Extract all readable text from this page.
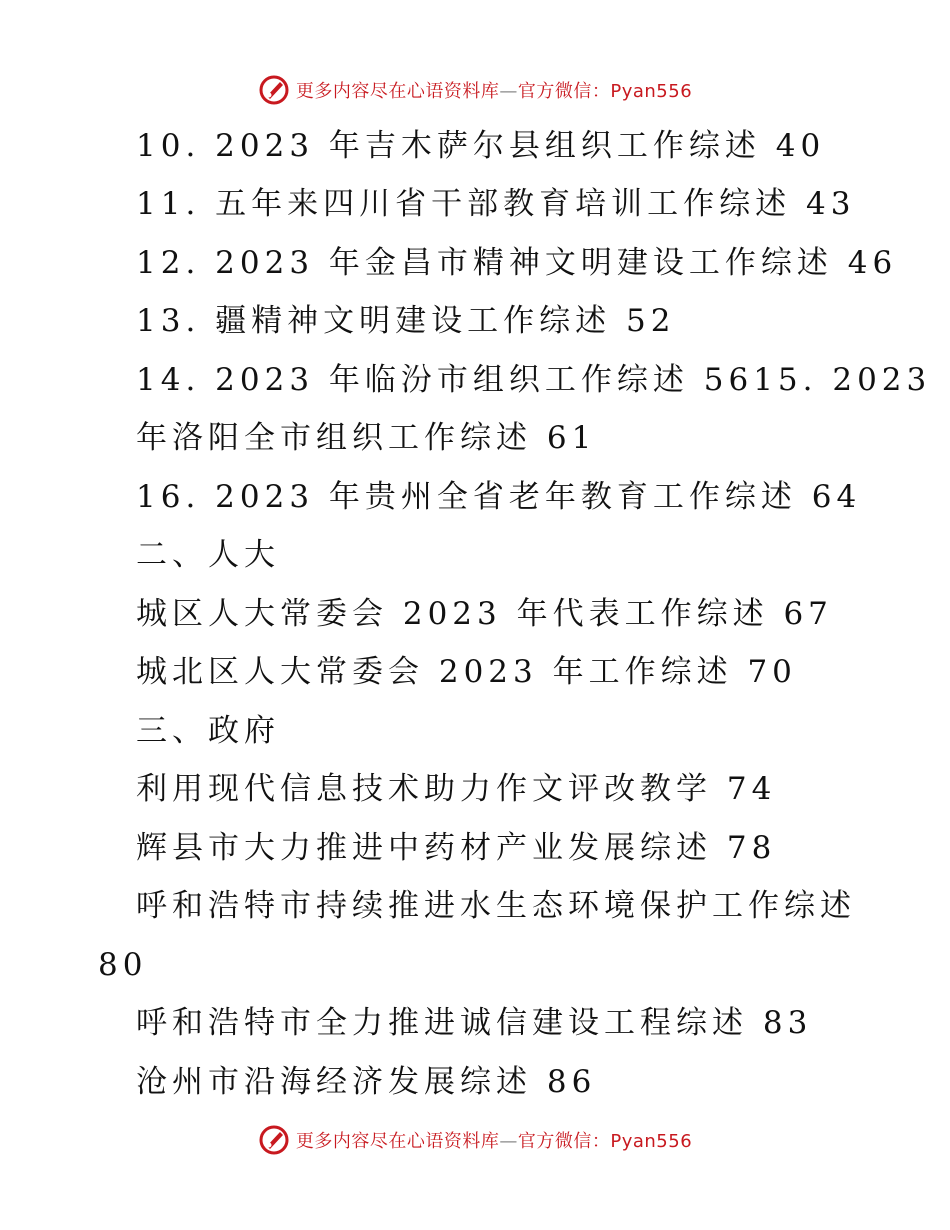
更多内容尽在心语资料库—官方微信：Pyan556
10. 2023 年吉木萨尔县组织工作综述 40
11. 五年来四川省干部教育培训工作综述 43
12. 2023 年金昌市精神文明建设工作综述 46
13. 疆精神文明建设工作综述 52
14. 2023 年临汾市组织工作综述 5615. 2023
年洛阳全市组织工作综述 61
16. 2023 年贵州全省老年教育工作综述 64
二、人大
城区人大常委会 2023 年代表工作综述 67
城北区人大常委会 2023 年工作综述 70
三、政府
利用现代信息技术助力作文评改教学 74
辉县市大力推进中药材产业发展综述 78
呼和浩特市持续推进水生态环境保护工作综述
80
呼和浩特市全力推进诚信建设工程综述 83
沧州市沿海经济发展综述 86
更多内容尽在心语资料库—官方微信：Pyan556
